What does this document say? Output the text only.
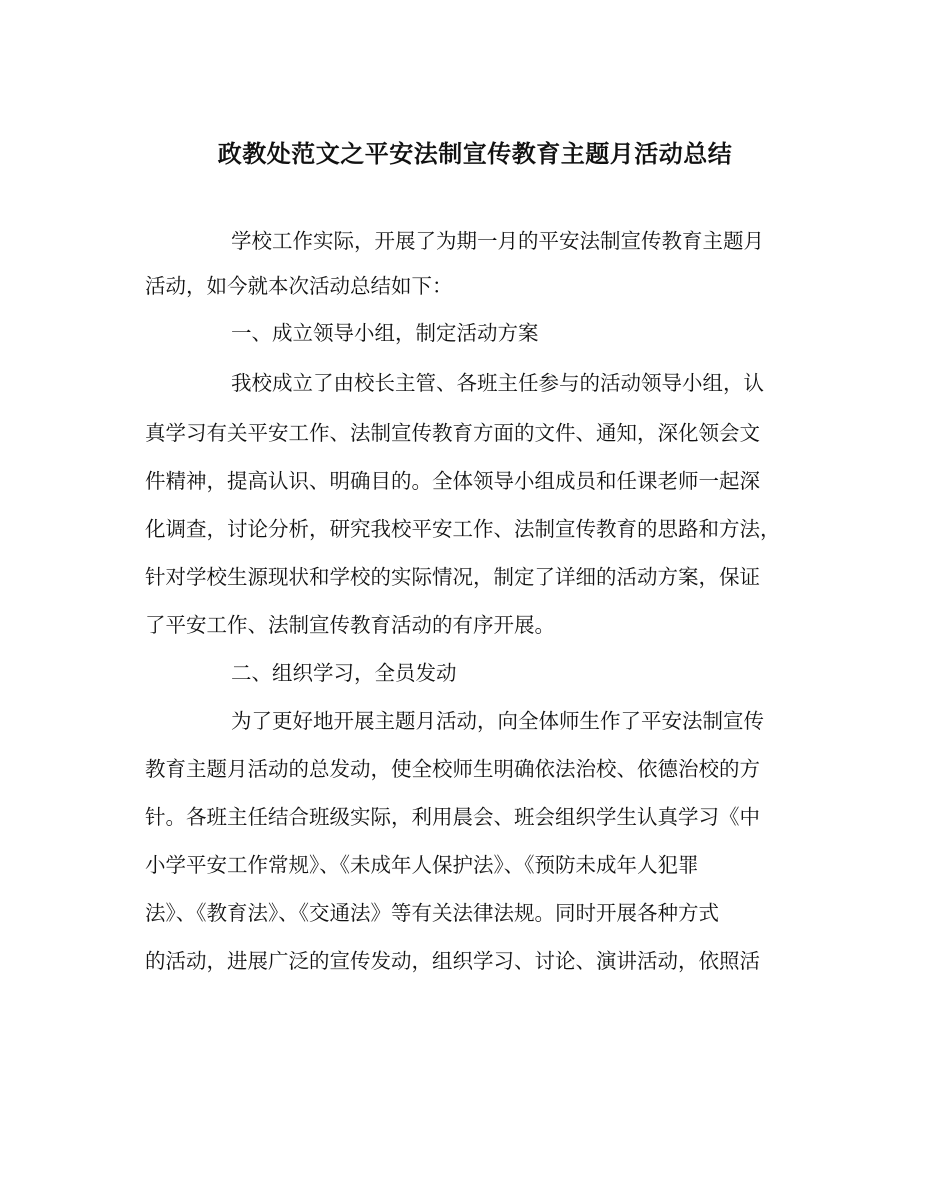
政教处范文之平安法制宣传教育主题月活动总结

学校工作实际，开展了为期一月的平安法制宣传教育主题月

活动，如今就本次活动总结如下：

一、成立领导小组，制定活动方案

我校成立了由校长主管、各班主任参与的活动领导小组，认

真学习有关平安工作、法制宣传教育方面的文件、通知，深化领会文

件精神，提高认识、明确目的。全体领导小组成员和任课老师一起深

化调查，讨论分析，研究我校平安工作、法制宣传教育的思路和方法，

针对学校生源现状和学校的实际情况，制定了详细的活动方案，保证

了平安工作、法制宣传教育活动的有序开展。

二、组织学习，全员发动

为了更好地开展主题月活动，向全体师生作了平安法制宣传

教育主题月活动的总发动，使全校师生明确依法治校、依德治校的方

针。各班主任结合班级实际，利用晨会、班会组织学生认真学习《中

小学平安工作常规》、《未成年人保护法》、《预防未成年人犯罪

法》、《教育法》、《交通法》等有关法律法规。同时开展各种方式

的活动，进展广泛的宣传发动，组织学习、讨论、演讲活动，依照活
